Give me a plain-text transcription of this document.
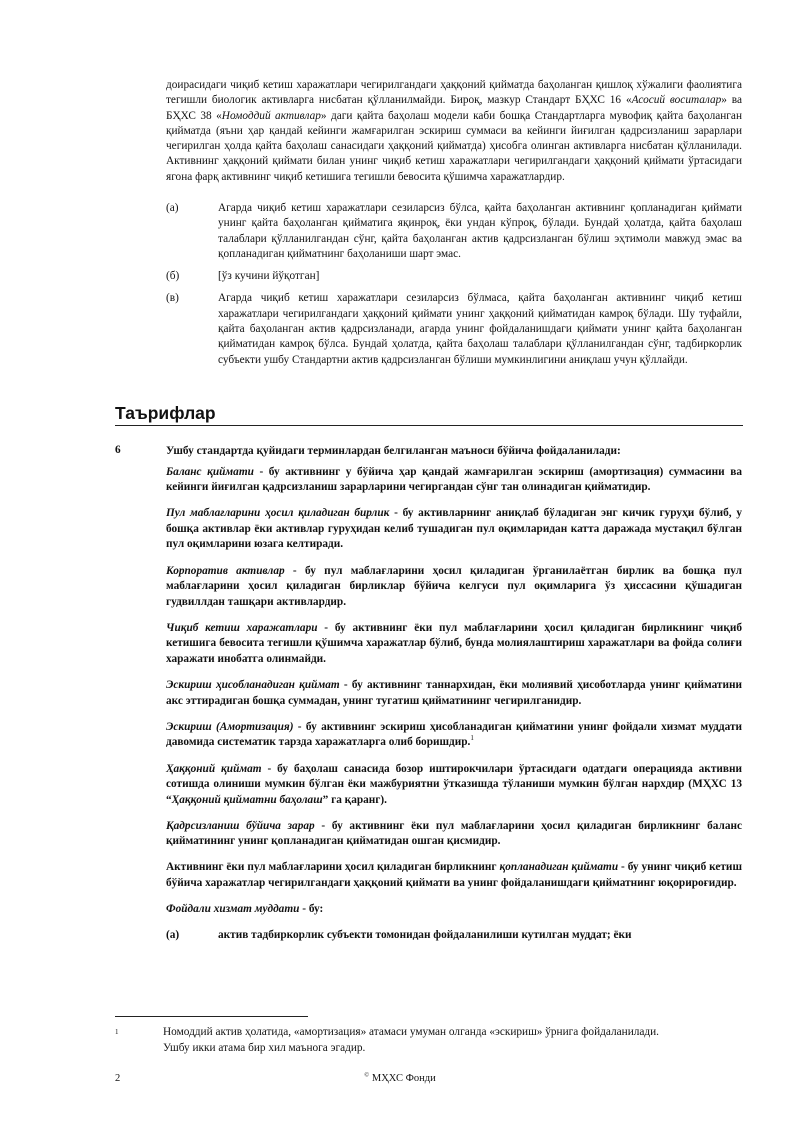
доирасидаги чиқиб кетиш харажатлари чегирилгандаги ҳаққоний қийматда баҳоланган қишлоқ хўжалиги фаолиятига тегишли биологик активларга нисбатан қўлланилмайди. Бироқ, мазкур Стандарт БҲХС 16 «Асосий воситалар» ва БҲХС 38 «Номоддий активлар» даги қайта баҳолаш модели каби бошқа Стандартларга мувофиқ қайта баҳоланган қийматда (яъни ҳар қандай кейинги жамғарилган эскириш суммаси ва кейинги йиғилган қадрсизланиш зарарлари чегирилган ҳолда қайта баҳолаш санасидаги ҳаққоний қийматда) ҳисобга олинган активларга нисбатан қўлланилади. Активнинг ҳаққоний қиймати билан унинг чиқиб кетиш харажатлари чегирилгандаги ҳаққоний қиймати ўртасидаги ягона фарқ активнинг чиқиб кетишига тегишли бевосита қўшимча харажатлардир.

(а)	Агарда чиқиб кетиш харажатлари сезиларсиз бўлса, қайта баҳоланган активнинг қопланадиган қиймати унинг қайта баҳоланган қийматига яқинроқ, ёки ундан кўпроқ, бўлади. Бундай ҳолатда, қайта баҳолаш талаблари қўлланилгандан сўнг, қайта баҳоланган актив қадрсизланган бўлиш эҳтимоли мавжуд эмас ва қопланадиган қийматнинг баҳоланиши шарт эмас.
(б)	[ўз кучини йўқотган]
(в)	Агарда чиқиб кетиш харажатлари сезиларсиз бўлмаса, қайта баҳоланган активнинг чиқиб кетиш харажатлари чегирилгандаги ҳаққоний қиймати унинг ҳаққоний қийматидан камроқ бўлади. Шу туфайли, қайта баҳоланган актив қадрсизланади, агарда унинг фойдаланишдаги қиймати унинг қайта баҳоланган қийматидан камроқ бўлса. Бундай ҳолатда, қайта баҳолаш талаблари қўлланилгандан сўнг, тадбиркорлик субъекти ушбу Стандартни актив қадрсизланган бўлиши мумкинлигини аниқлаш учун қўллайди.
Таърифлар
6	Ушбу стандартда қуйидаги терминлардан белгиланган маъноси бўйича фойдаланилади:

Баланс қиймати - бу активнинг у бўйича ҳар қандай жамғарилган эскириш (амортизация) суммасини ва кейинги йиғилган қадрсизланиш зарарларини чегиргандан сўнг тан олинадиган қийматидир.

Пул маблағларини ҳосил қиладиган бирлик - бу активларнинг аниқлаб бўладиган энг кичик гуруҳи бўлиб, у бошқа активлар ёки активлар гуруҳидан келиб тушадиган пул оқимларидан катта даражада мустақил бўлган пул оқимларини юзага келтиради.

Корпоратив активлар - бу пул маблағларини ҳосил қиладиган ўрганилаётган бирлик ва бошқа пул маблағларини ҳосил қиладиган бирликлар бўйича келгуси пул оқимларига ўз ҳиссасини қўшадиган гудвиллдан ташқари активлардир.

Чиқиб кетиш харажатлари - бу активнинг ёки пул маблағларини ҳосил қиладиган бирликнинг чиқиб кетишига бевосита тегишли қўшимча харажатлар бўлиб, бунда молиялаштириш харажатлари ва фойда солиғи харажати инобатга олинмайди.

Эскириш ҳисобланадиган қиймат - бу активнинг таннархидан, ёки молиявий ҳисоботларда унинг қийматини акс эттирадиган бошқа суммадан, унинг тугатиш қийматининг чегирилганидир.

Эскириш (Амортизация) - бу активнинг эскириш ҳисобланадиган қийматини унинг фойдали хизмат муддати давомида систематик тарзда харажатларга олиб боришдир.$^1$

Ҳаққоний қиймат - бу баҳолаш санасида бозор иштирокчилари ўртасидаги одатдаги операцияда активни сотишда олиниши мумкин бўлган ёки мажбуриятни ўтказишда тўланиши мумкин бўлган нархдир (МҲХС 13 “Ҳаққоний қийматни баҳолаш” га қаранг).

Қадрсизланиш бўйича зарар - бу активнинг ёки пул маблағларини ҳосил қиладиган бирликнинг баланс қийматининг унинг қопланадиган қийматидан ошган қисмидир.

Активнинг ёки пул маблағларини ҳосил қиладиган бирликнинг қопланадиган қиймати - бу унинг чиқиб кетиш бўйича харажатлар чегирилгандаги ҳаққоний қиймати ва унинг фойдаланишдаги қийматнинг юқорироғидир.

Фойдали хизмат муддати - бу:

(а)	актив тадбиркорлик субъекти томонидан фойдаланилиши кутилган муддат; ёки
1	Номоддий актив ҳолатида, «амортизация» атамаси умуман олганда «эскириш» ўрнига фойдаланилади. Ушбу икки атама бир хил маънога эгадир.
2	© МҲХС Фонди
